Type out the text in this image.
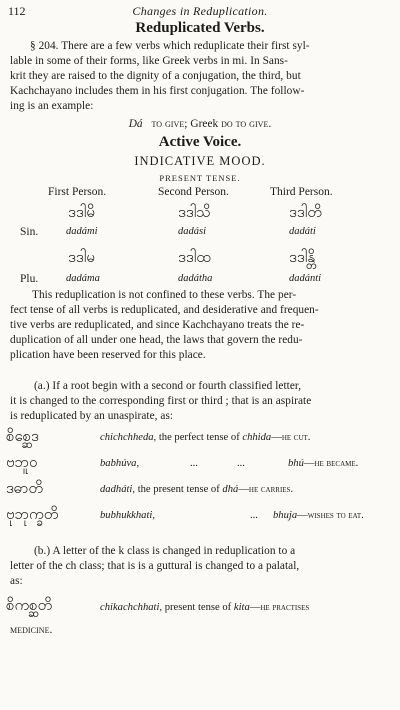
112	Changes in Reduplication.
Reduplicated Verbs.
§ 204. There are a few verbs which reduplicate their first syl-
lable in some of their forms, like Greek verbs in mi. In Sans-
krit they are raised to the dignity of a conjugation, the third, but
Kachchayano includes them in his first conjugation. The follow-
ing is an example:
Dá to give; Greek do to give.
Active Voice.
INDICATIVE MOOD.
PRESENT TENSE.
First Person.	Second Person.	Third Person.
ဒဒါမိ	ဒဒါသိ	ဒဒါတိ
Sin.	dadámi	dadási	dadáti
ဒဒါမ	ဒဒါထ	ဒဒါန္တိ
Plu.	dadáma	dadátha	dadánti
This reduplication is not confined to these verbs. The per-
fect tense of all verbs is reduplicated, and desiderative and frequen-
tive verbs are reduplicated, and since Kachchayano treats the re-
duplication of all under one head, the laws that govern the redu-
plication have been reserved for this place.
(a.) If a root begin with a second or fourth classified letter,
it is changed to the corresponding first or third ; that is an aspirate
is reduplicated by an unaspirate, as:
စိစ္ဆေဒ	chichchheda, the perfect tense of chhida—he cut.
ဗဘူဝ	babhúva,	...	...	bhú—he became.
ဒဓာတိ	dadháti, the present tense of dhá—he carries.
ဗုဘုက္ခတိ	bubhukkhati,	... bhuja—wishes to eat.
(b.) A letter of the k class is changed in reduplication to a
letter of the ch class; that is is a guttural is changed to a palatal,
as:
စိကစ္ဆတိ	chikachchhati, present tense of kita—he practises
medicine.
